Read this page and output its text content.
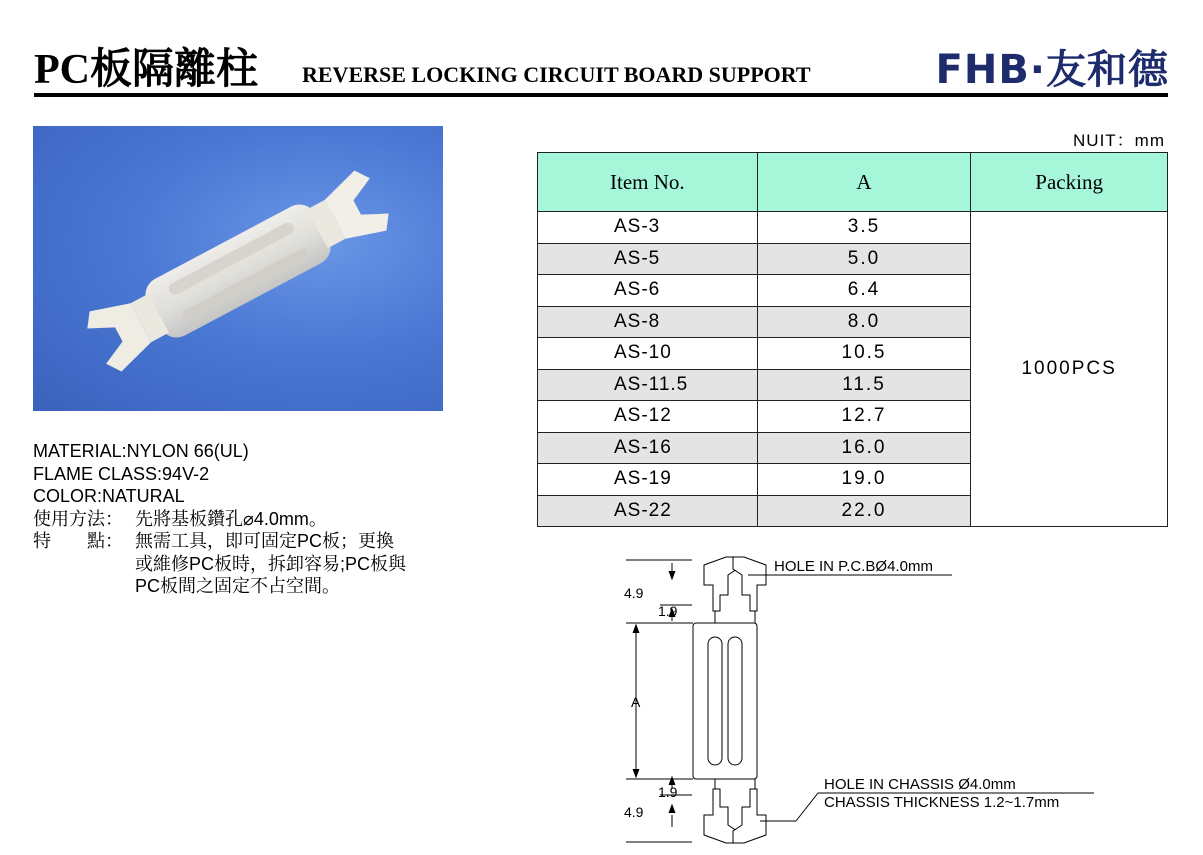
PC板隔離柱 REVERSE LOCKING CIRCUIT BOARD SUPPORT	FHB·友和德
MATERIAL:NYLON 66(UL)
FLAME CLASS:94V-2
COLOR:NATURAL
使用方法： 先將基板鑽孔⌀4.0mm。
特　　點： 無需工具，即可固定PC板；更換
或維修PC板時，拆卸容易;PC板與
PC板間之固定不占空間。
NUIT：mm
Item No.	A	Packing
AS-3	3.5	1000PCS
AS-5	5.0	
AS-6	6.4	
AS-8	8.0	
AS-10	10.5	
AS-11.5	11.5	
AS-12	12.7	
AS-16	16.0	
AS-19	19.0	
AS-22	22.0	
4.9
1.9
A
1.9
4.9
HOLE IN P.C.BØ4.0mm
HOLE IN CHASSIS Ø4.0mm
CHASSIS THICKNESS 1.2~1.7mm
